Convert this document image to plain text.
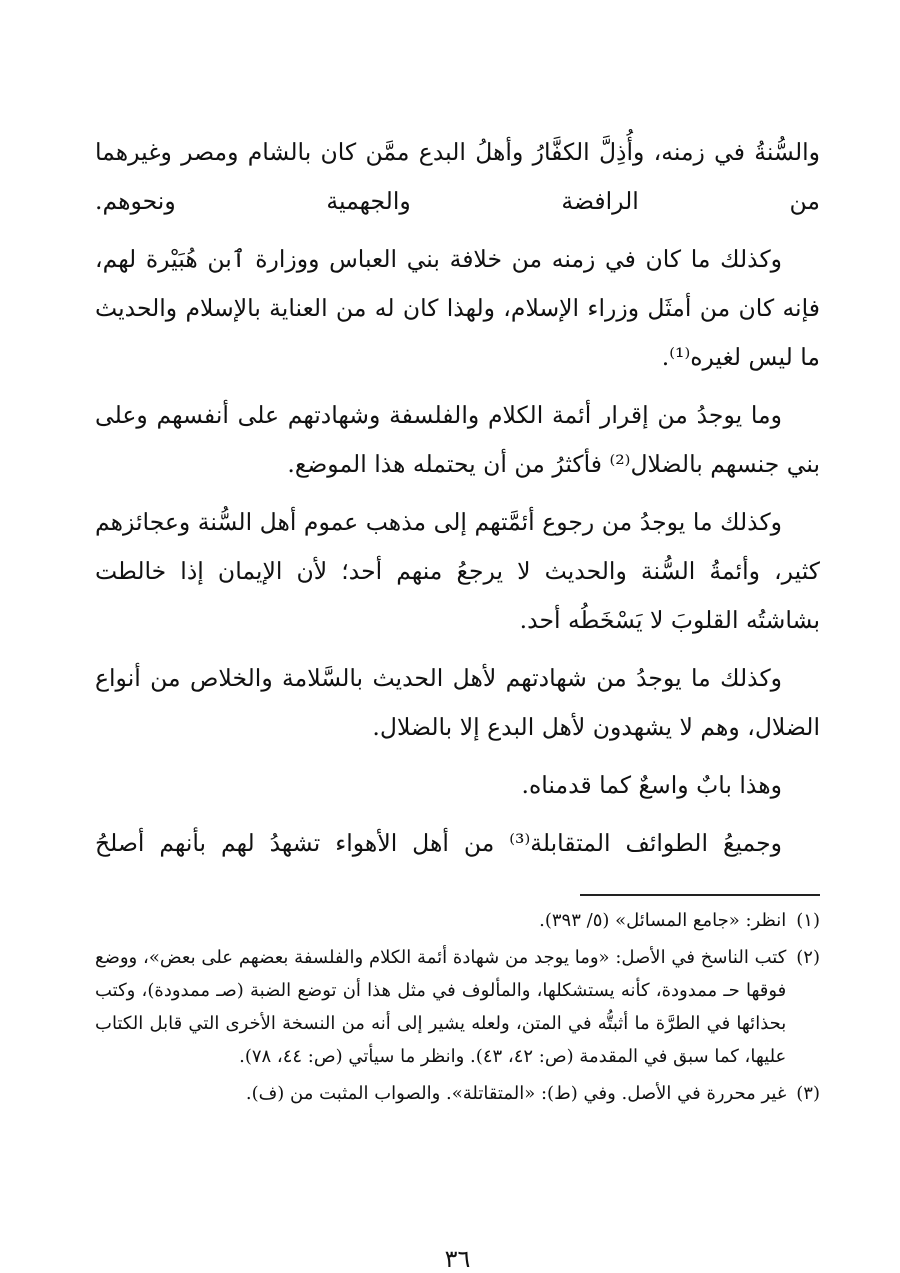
والسُّنةُ في زمنه، وأُذِلَّ الكفَّارُ وأهلُ البدع ممَّن كان بالشام ومصر وغيرهما من الرافضة والجهمية ونحوهم.

وكذلك ما كان في زمنه من خلافة بني العباس ووزارة ٱبن هُبَيْرة لهم، فإنه كان من أمثَل وزراء الإسلام، ولهذا كان له من العناية بالإسلام والحديث ما ليس لغيره⁽¹⁾.

وما يوجدُ من إقرار أئمة الكلام والفلسفة وشهادتهم على أنفسهم وعلى بني جنسهم بالضلال⁽²⁾ فأكثرُ من أن يحتمله هذا الموضع.

وكذلك ما يوجدُ من رجوع أئمَّتهم إلى مذهب عموم أهل السُّنة وعجائزهم كثير، وأئمةُ السُّنة والحديث لا يرجعُ منهم أحد؛ لأن الإيمان إذا خالطت بشاشتُه القلوبَ لا يَسْخَطُه أحد.

وكذلك ما يوجدُ من شهادتهم لأهل الحديث بالسَّلامة والخلاص من أنواع الضلال، وهم لا يشهدون لأهل البدع إلا بالضلال.

وهذا بابٌ واسعٌ كما قدمناه.

وجميعُ الطوائف المتقابلة⁽³⁾ من أهل الأهواء تشهدُ لهم بأنهم أصلحُ

(١)
انظر: «جامع المسائل» (٥/ ٣٩٣).
(٢)
كتب الناسخ في الأصل: «وما يوجد من شهادة أئمة الكلام والفلسفة بعضهم على بعض»، ووضع فوقها حـ ممدودة، كأنه يستشكلها، والمألوف في مثل هذا أن توضع الضبة (صـ ممدودة)، وكتب بحذائها في الطرَّة ما أثبتُّه في المتن، ولعله يشير إلى أنه من النسخة الأخرى التي قابل الكتاب عليها، كما سبق في المقدمة (ص: ٤٢، ٤٣). وانظر ما سيأتي (ص: ٤٤، ٧٨).
(٣)
غير محررة في الأصل. وفي (ط): «المتقاتلة». والصواب المثبت من (ف).
٣٦
